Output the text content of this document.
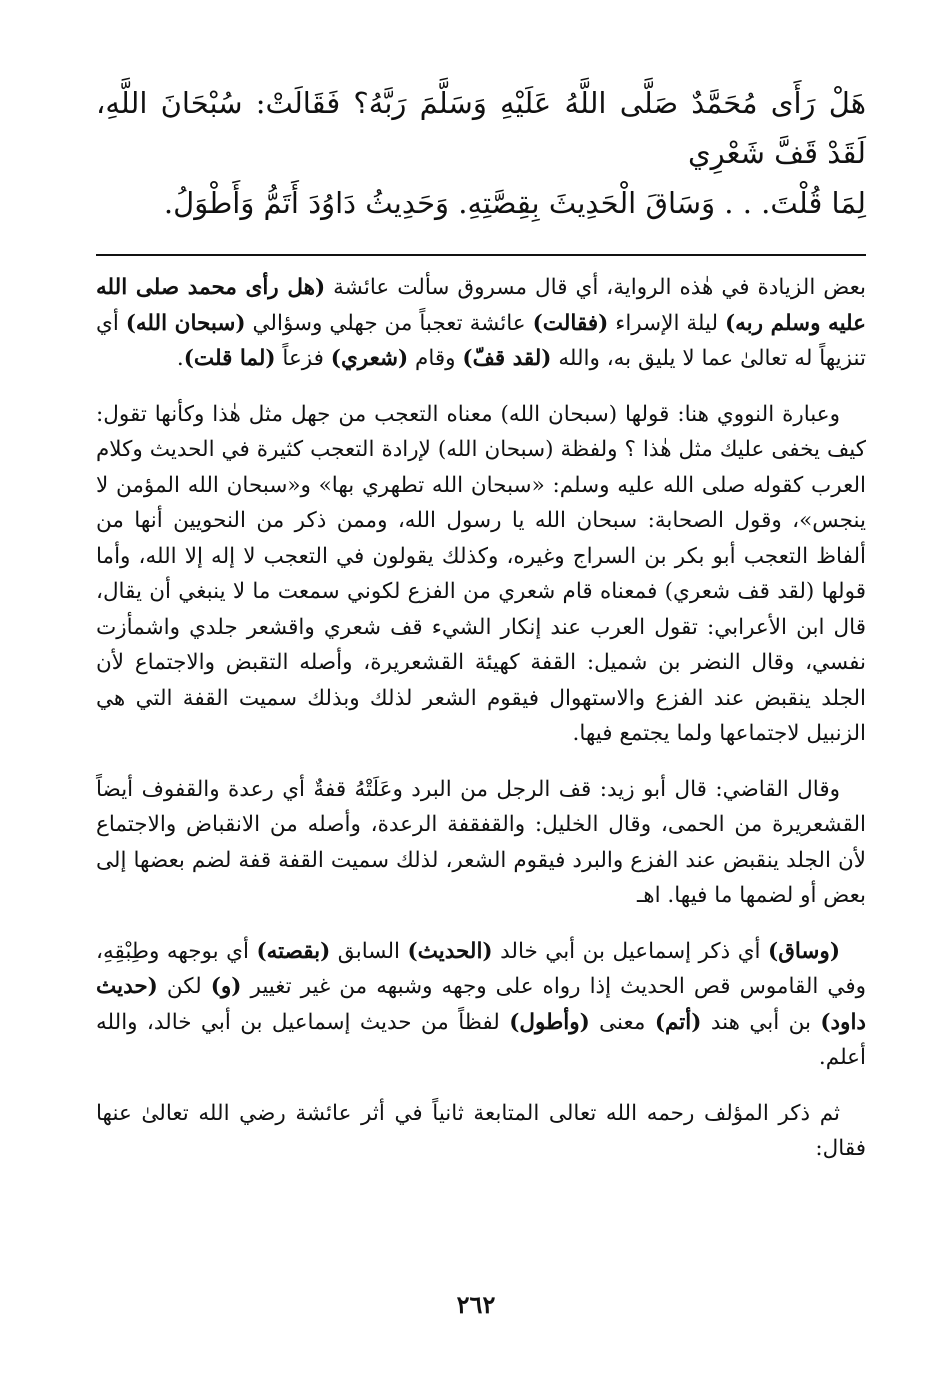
هَلْ رَأَى مُحَمَّدٌ صَلَّى اللَّهُ عَلَيْهِ وَسَلَّمَ رَبَّهُ؟ فَقَالَتْ: سُبْحَانَ اللَّهِ، لَقَدْ قَفَّ شَعْرِي

لِمَا قُلْتَ. . . وَسَاقَ الْحَدِيثَ بِقِصَّتِهِ. وَحَدِيثُ دَاوُدَ أَتَمُّ وَأَطْوَلُ.

بعض الزيادة في هٰذه الرواية، أي قال مسروق سألت عائشة (هل رأى محمد صلى الله عليه وسلم ربه) ليلة الإسراء (فقالت) عائشة تعجباً من جهلي وسؤالي (سبحان الله) أي تنزيهاً له تعالىٰ عما لا يليق به، والله (لقد قفّ) وقام (شعري) فزعاً (لما قلت).

وعبارة النووي هنا: قولها (سبحان الله) معناه التعجب من جهل مثل هٰذا وكأنها تقول: كيف يخفى عليك مثل هٰذا ؟ ولفظة (سبحان الله) لإرادة التعجب كثيرة في الحديث وكلام العرب كقوله صلى الله عليه وسلم: «سبحان الله تطهري بها» و«سبحان الله المؤمن لا ينجس»، وقول الصحابة: سبحان الله يا رسول الله، وممن ذكر من النحويين أنها من ألفاظ التعجب أبو بكر بن السراج وغيره، وكذلك يقولون في التعجب لا إله إلا الله، وأما قولها (لقد قف شعري) فمعناه قام شعري من الفزع لكوني سمعت ما لا ينبغي أن يقال، قال ابن الأعرابي: تقول العرب عند إنكار الشيء قف شعري واقشعر جلدي واشمأزت نفسي، وقال النضر بن شميل: القفة كهيئة القشعريرة، وأصله التقبض والاجتماع لأن الجلد ينقبض عند الفزع والاستهوال فيقوم الشعر لذلك وبذلك سميت القفة التي هي الزنبيل لاجتماعها ولما يجتمع فيها.

وقال القاضي: قال أبو زيد: قف الرجل من البرد وعَلَتْهُ قفةٌ أي رعدة والقفوف أيضاً القشعريرة من الحمى، وقال الخليل: والقفقفة الرعدة، وأصله من الانقباض والاجتماع لأن الجلد ينقبض عند الفزع والبرد فيقوم الشعر، لذلك سميت القفة قفة لضم بعضها إلى بعض أو لضمها ما فيها. اهـ

(وساق) أي ذكر إسماعيل بن أبي خالد (الحديث) السابق (بقصته) أي بوجهه وطِبْقِهِ، وفي القاموس قص الحديث إذا رواه على وجهه وشبهه من غير تغيير (و) لكن (حديث داود) بن أبي هند (أتم) معنى (وأطول) لفظاً من حديث إسماعيل بن أبي خالد، والله أعلم.

ثم ذكر المؤلف رحمه الله تعالى المتابعة ثانياً في أثر عائشة رضي الله تعالىٰ عنها فقال:

٢٦٢
